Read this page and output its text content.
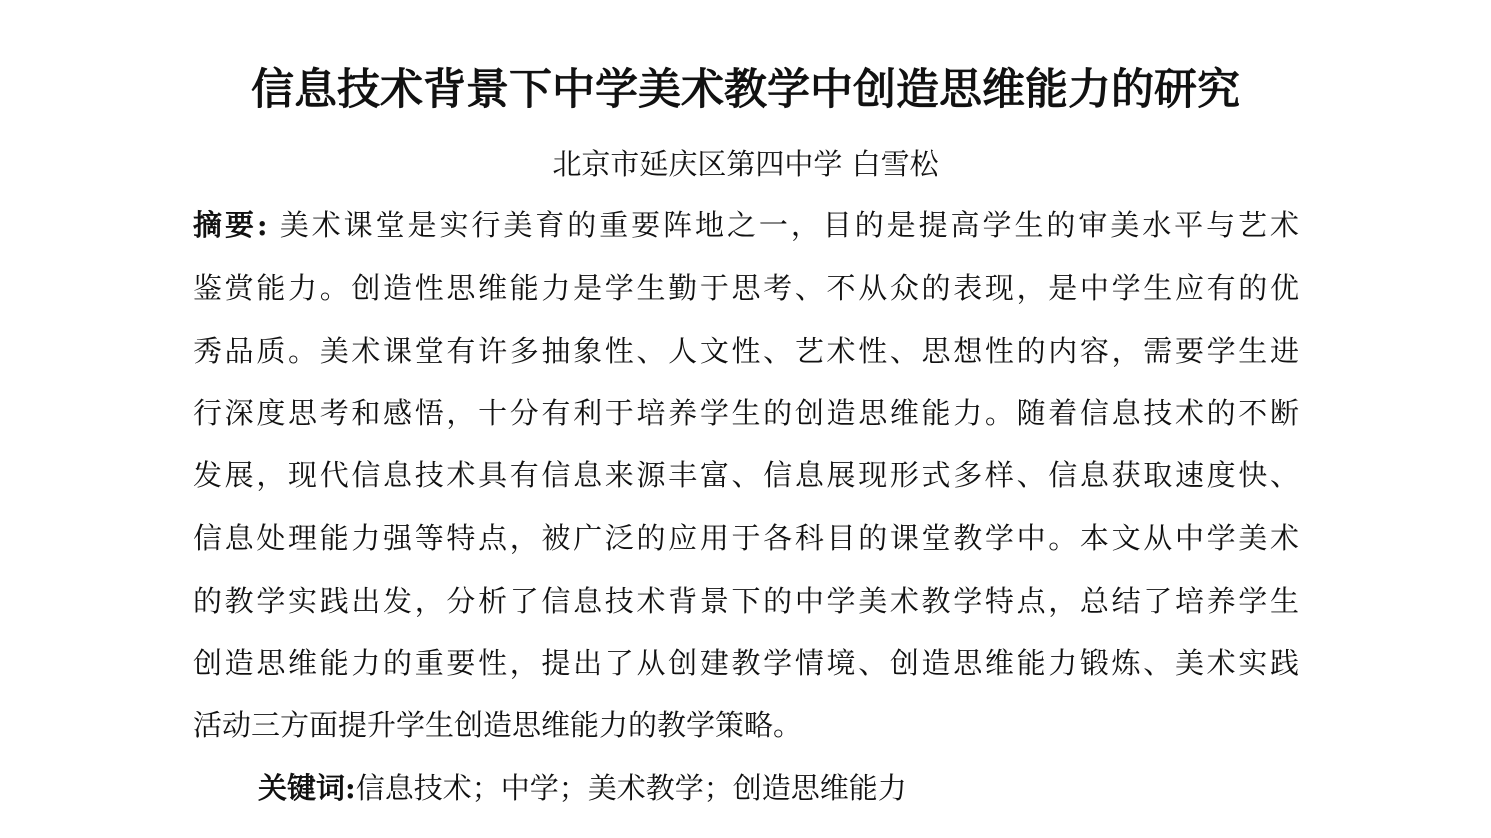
信息技术背景下中学美术教学中创造思维能力的研究
北京市延庆区第四中学 白雪松
摘要: 美术课堂是实行美育的重要阵地之一，目的是提高学生的审美水平与艺术
鉴赏能力。创造性思维能力是学生勤于思考、不从众的表现，是中学生应有的优
秀品质。美术课堂有许多抽象性、人文性、艺术性、思想性的内容，需要学生进
行深度思考和感悟，十分有利于培养学生的创造思维能力。随着信息技术的不断
发展，现代信息技术具有信息来源丰富、信息展现形式多样、信息获取速度快、
信息处理能力强等特点，被广泛的应用于各科目的课堂教学中。本文从中学美术
的教学实践出发，分析了信息技术背景下的中学美术教学特点，总结了培养学生
创造思维能力的重要性，提出了从创建教学情境、创造思维能力锻炼、美术实践
活动三方面提升学生创造思维能力的教学策略。
关键词:信息技术；中学；美术教学；创造思维能力
